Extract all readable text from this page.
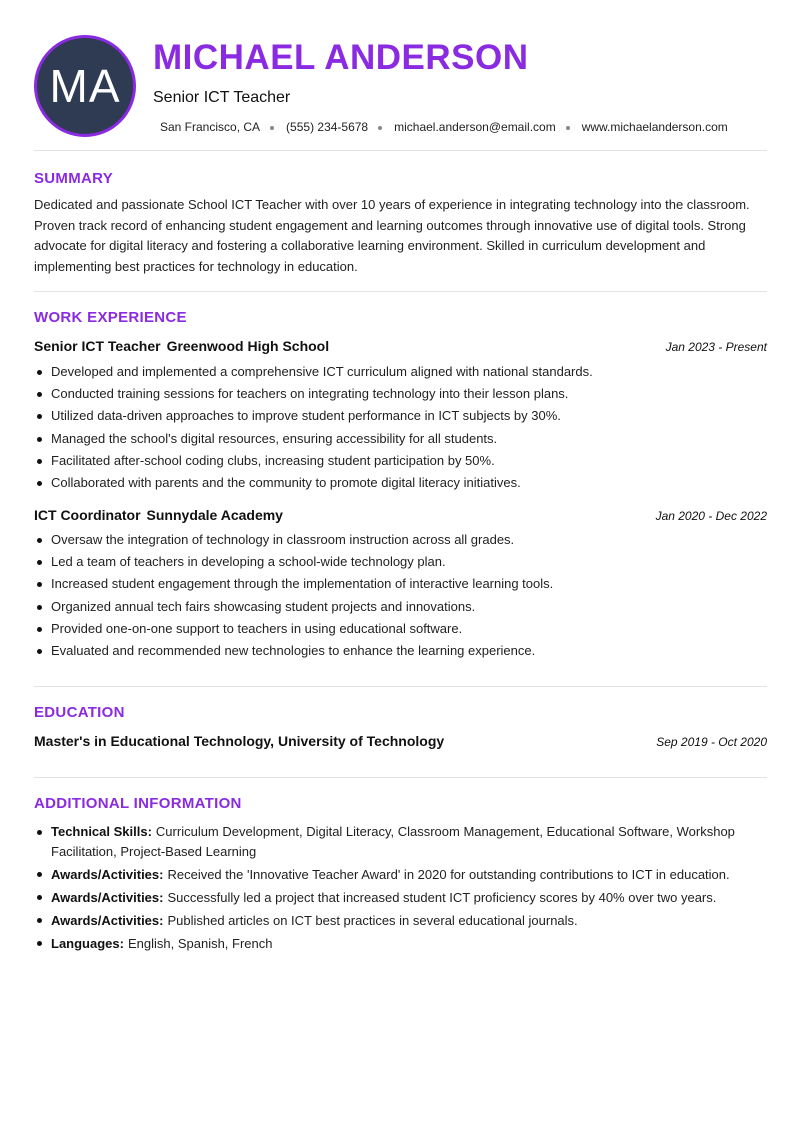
MA
MICHAEL ANDERSON
Senior ICT Teacher
San Francisco, CA (555) 234-5678 michael.anderson@email.com www.michaelanderson.com
SUMMARY
Dedicated and passionate School ICT Teacher with over 10 years of experience in integrating technology into the classroom. Proven track record of enhancing student engagement and learning outcomes through innovative use of digital tools. Strong advocate for digital literacy and fostering a collaborative learning environment. Skilled in curriculum development and implementing best practices for technology in education.
WORK EXPERIENCE
Senior ICT Teacher Greenwood High School	Jan 2023 - Present
Developed and implemented a comprehensive ICT curriculum aligned with national standards.
Conducted training sessions for teachers on integrating technology into their lesson plans.
Utilized data-driven approaches to improve student performance in ICT subjects by 30%.
Managed the school's digital resources, ensuring accessibility for all students.
Facilitated after-school coding clubs, increasing student participation by 50%.
Collaborated with parents and the community to promote digital literacy initiatives.
ICT Coordinator Sunnydale Academy	Jan 2020 - Dec 2022
Oversaw the integration of technology in classroom instruction across all grades.
Led a team of teachers in developing a school-wide technology plan.
Increased student engagement through the implementation of interactive learning tools.
Organized annual tech fairs showcasing student projects and innovations.
Provided one-on-one support to teachers in using educational software.
Evaluated and recommended new technologies to enhance the learning experience.
EDUCATION
Master's in Educational Technology, University of Technology	Sep 2019 - Oct 2020
ADDITIONAL INFORMATION
Technical Skills: Curriculum Development, Digital Literacy, Classroom Management, Educational Software, Workshop Facilitation, Project-Based Learning
Awards/Activities: Received the 'Innovative Teacher Award' in 2020 for outstanding contributions to ICT in education.
Awards/Activities: Successfully led a project that increased student ICT proficiency scores by 40% over two years.
Awards/Activities: Published articles on ICT best practices in several educational journals.
Languages: English, Spanish, French
